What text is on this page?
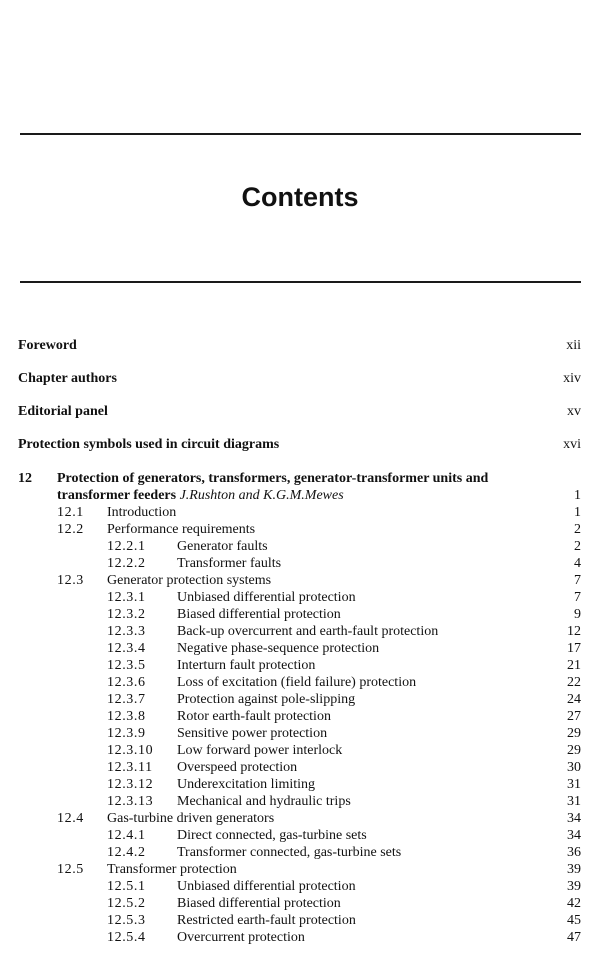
Contents
Foreword	xii
Chapter authors	xiv
Editorial panel	xv
Protection symbols used in circuit diagrams	xvi
12 Protection of generators, transformers, generator-transformer units and
transformer feeders J.Rushton and K.G.M.Mewes	1
12.1 Introduction	1
12.2 Performance requirements	2
12.2.1 Generator faults	2
12.2.2 Transformer faults	4
12.3 Generator protection systems	7
12.3.1 Unbiased differential protection	7
12.3.2 Biased differential protection	9
12.3.3 Back-up overcurrent and earth-fault protection	12
12.3.4 Negative phase-sequence protection	17
12.3.5 Interturn fault protection	21
12.3.6 Loss of excitation (field failure) protection	22
12.3.7 Protection against pole-slipping	24
12.3.8 Rotor earth-fault protection	27
12.3.9 Sensitive power protection	29
12.3.10 Low forward power interlock	29
12.3.11 Overspeed protection	30
12.3.12 Underexcitation limiting	31
12.3.13 Mechanical and hydraulic trips	31
12.4 Gas-turbine driven generators	34
12.4.1 Direct connected, gas-turbine sets	34
12.4.2 Transformer connected, gas-turbine sets	36
12.5 Transformer protection	39
12.5.1 Unbiased differential protection	39
12.5.2 Biased differential protection	42
12.5.3 Restricted earth-fault protection	45
12.5.4 Overcurrent protection	47
